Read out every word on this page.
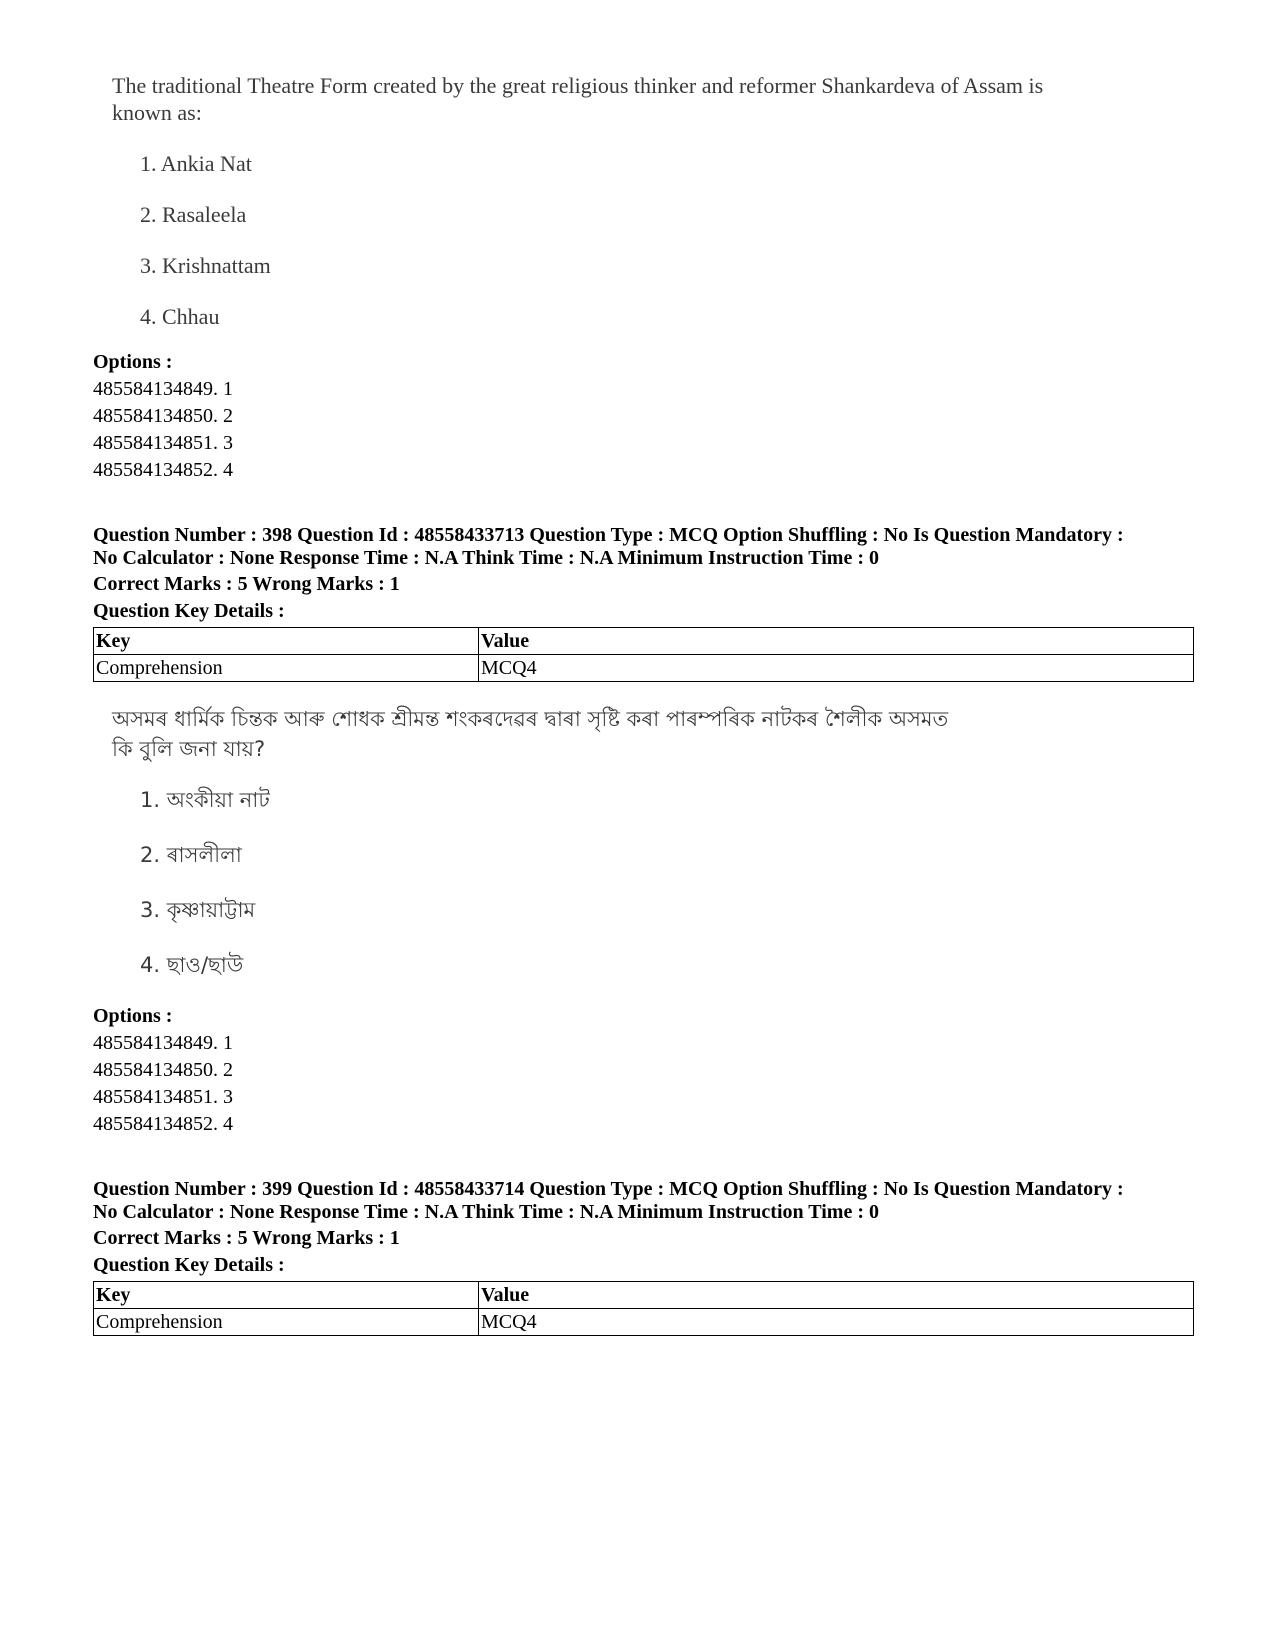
The traditional Theatre Form created by the great religious thinker and reformer Shankardeva of Assam is
known as:
1. Ankia Nat
2. Rasaleela
3. Krishnattam
4. Chhau
Options :
485584134849. 1
485584134850. 2
485584134851. 3
485584134852. 4
Question Number : 398 Question Id : 48558433713 Question Type : MCQ Option Shuffling : No Is Question Mandatory :
No Calculator : None Response Time : N.A Think Time : N.A Minimum Instruction Time : 0
Correct Marks : 5 Wrong Marks : 1
Question Key Details :
Key	Value
Comprehension	MCQ4
অসমৰ ধাৰ্মিক চিন্তক আৰু শোধক শ্ৰীমন্ত শংকৰদেৱৰ দ্বাৰা সৃষ্টি কৰা পাৰম্পৰিক নাটকৰ শৈলীক অসমত
কি বুলি জনা যায়?
1. অংকীয়া নাট
2. ৰাসলীলা
3. কৃষ্ণায়াট্টাম
4. ছাও/ছাউ
Options :
485584134849. 1
485584134850. 2
485584134851. 3
485584134852. 4
Question Number : 399 Question Id : 48558433714 Question Type : MCQ Option Shuffling : No Is Question Mandatory :
No Calculator : None Response Time : N.A Think Time : N.A Minimum Instruction Time : 0
Correct Marks : 5 Wrong Marks : 1
Question Key Details :
Key	Value
Comprehension	MCQ4
